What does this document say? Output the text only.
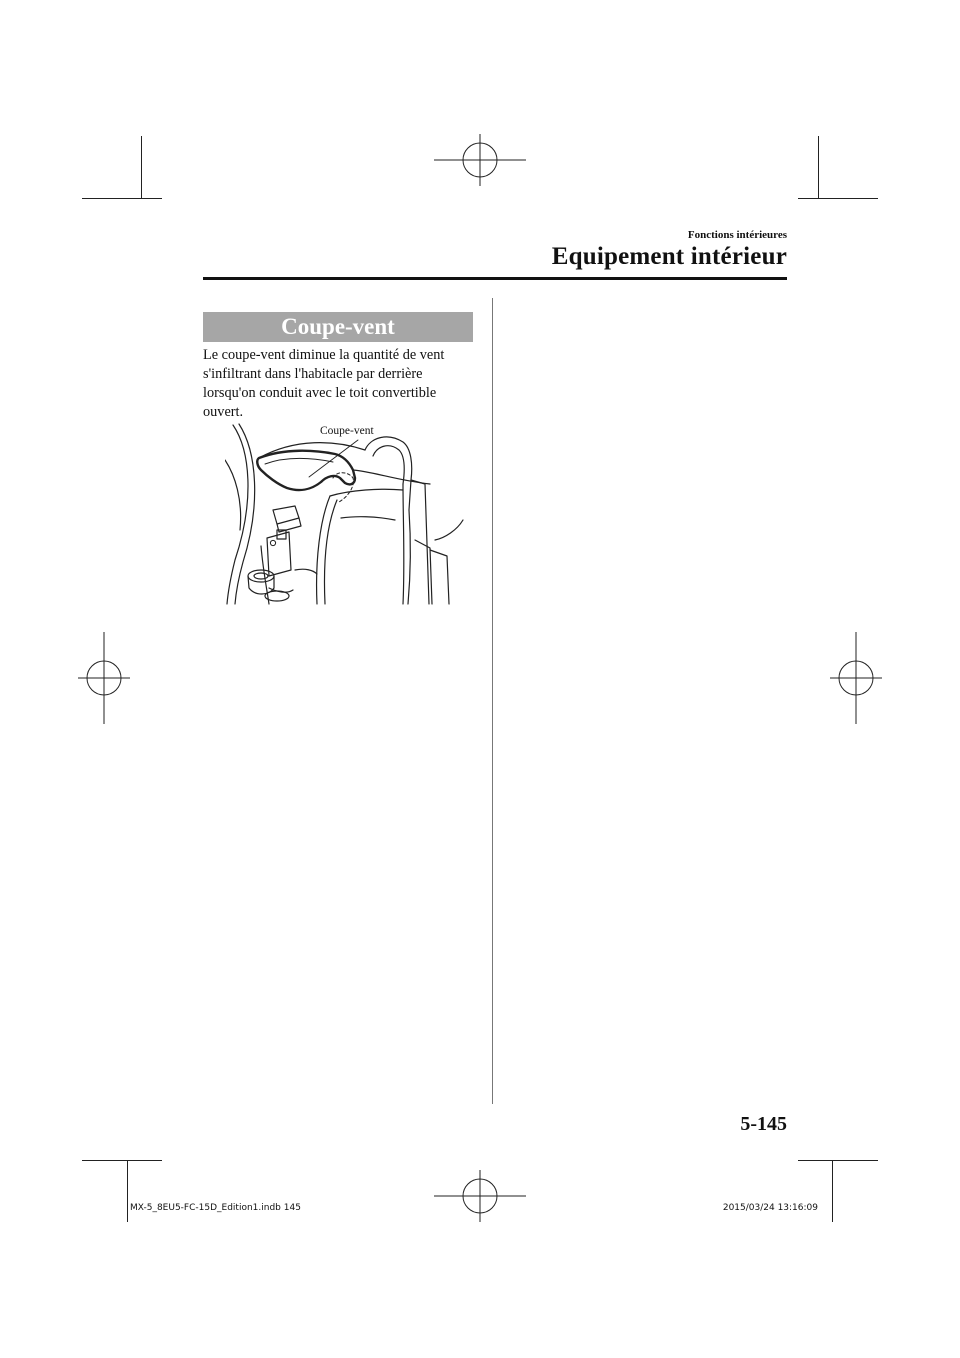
Fonctions intérieures
Equipement intérieur
Coupe-vent

Le coupe-vent diminue la quantité de vent

s'infiltrant dans l'habitacle par derrière

lorsqu'on conduit avec le toit convertible

ouvert.

Coupe-vent
5-145
MX-5_8EU5-FC-15D_Edition1.indb 145	2015/03/24 13:16:09
